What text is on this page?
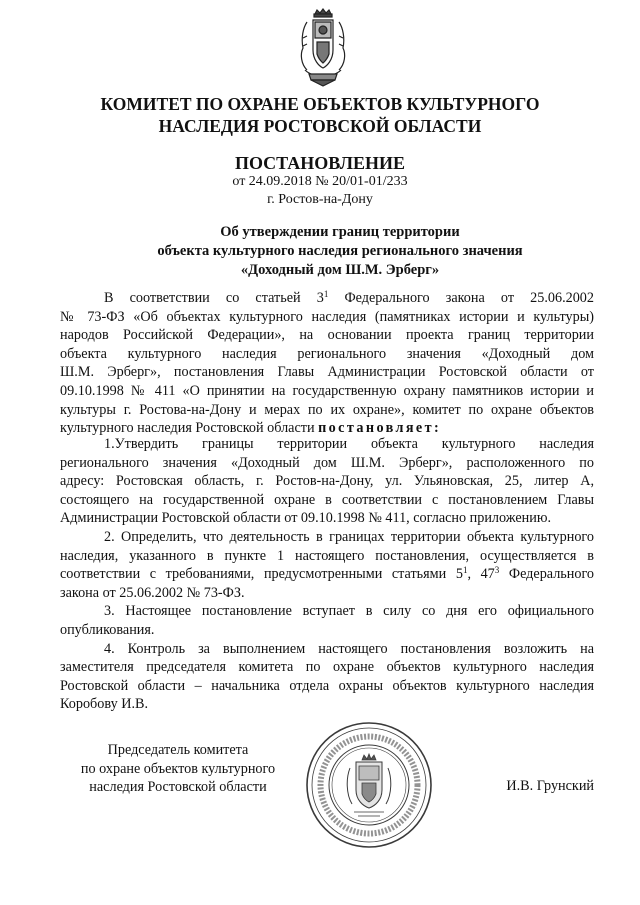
КОМИТЕТ ПО ОХРАНЕ ОБЪЕКТОВ КУЛЬТУРНОГО
НАСЛЕДИЯ РОСТОВСКОЙ ОБЛАСТИ
ПОСТАНОВЛЕНИЕ
от 24.09.2018 № 20/01-01/233
г. Ростов-на-Дону
Об утверждении границ территории
объекта культурного наследия регионального значения
«Доходный дом Ш.М. Эрберг»
В соответствии со статьей $3^1$ Федерального закона от 25.06.2002
№ 73-ФЗ «Об объектах культурного наследия (памятниках истории и культуры)
народов Российской Федерации», на основании проекта границ территории
объекта культурного наследия регионального значения «Доходный дом
Ш.М. Эрберг», постановления Главы Администрации Ростовской области от
09.10.1998 № 411 «О принятии на государственную охрану памятников истории и
культуры г. Ростова-на-Дону и мерах по их охране», комитет по охране объектов
культурного наследия Ростовской области постановляет:
1.Утвердить границы территории объекта культурного наследия
регионального значения «Доходный дом Ш.М. Эрберг», расположенного по
адресу: Ростовская область, г. Ростов-на-Дону, ул. Ульяновская, 25, литер А,
состоящего на государственной охране в соответствии с постановлением Главы
Администрации Ростовской области от 09.10.1998 № 411, согласно приложению.
2. Определить, что деятельность в границах территории объекта культурного
наследия, указанного в пункте 1 настоящего постановления, осуществляется в
соответствии с требованиями, предусмотренными статьями $5^1$, $47^3$ Федерального
закона от 25.06.2002 № 73-ФЗ.
3. Настоящее постановление вступает в силу со дня его официального
опубликования.
4. Контроль за выполнением настоящего постановления возложить на
заместителя председателя комитета по охране объектов культурного наследия
Ростовской области – начальника отдела охраны объектов культурного наследия
Коробову И.В.
Председатель комитета
по охране объектов культурного
наследия Ростовской области	И.В. Грунский
